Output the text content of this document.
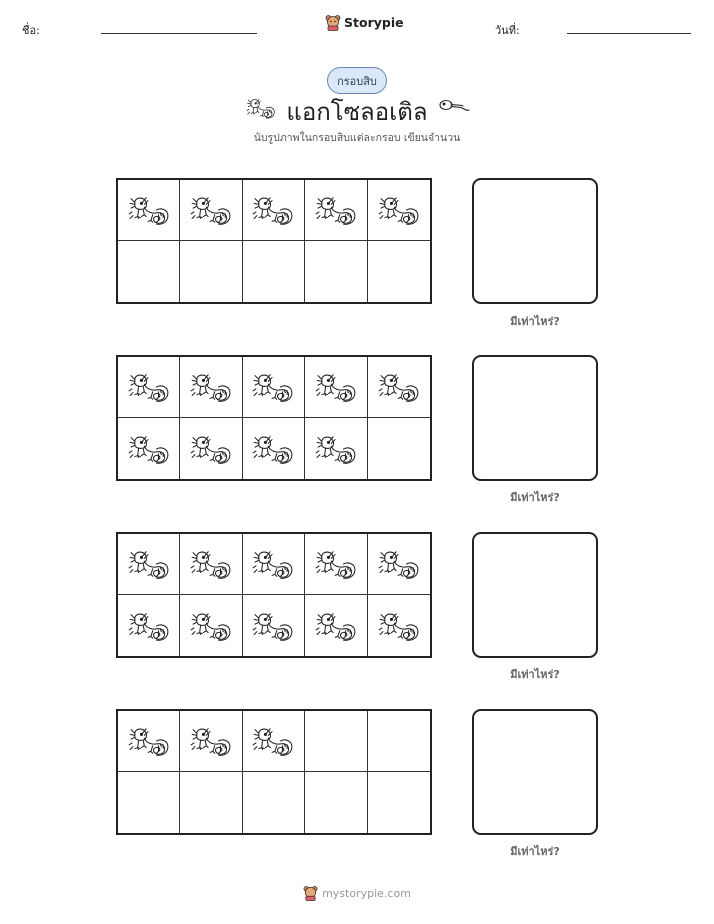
ชื่อ:
Storypie
วันที่:
กรอบสิบ
แอกโซลอเติล
นับรูปภาพในกรอบสิบแต่ละกรอบ เขียนจำนวน
มีเท่าไหร่?
มีเท่าไหร่?
มีเท่าไหร่?
มีเท่าไหร่?
mystorypie.com
